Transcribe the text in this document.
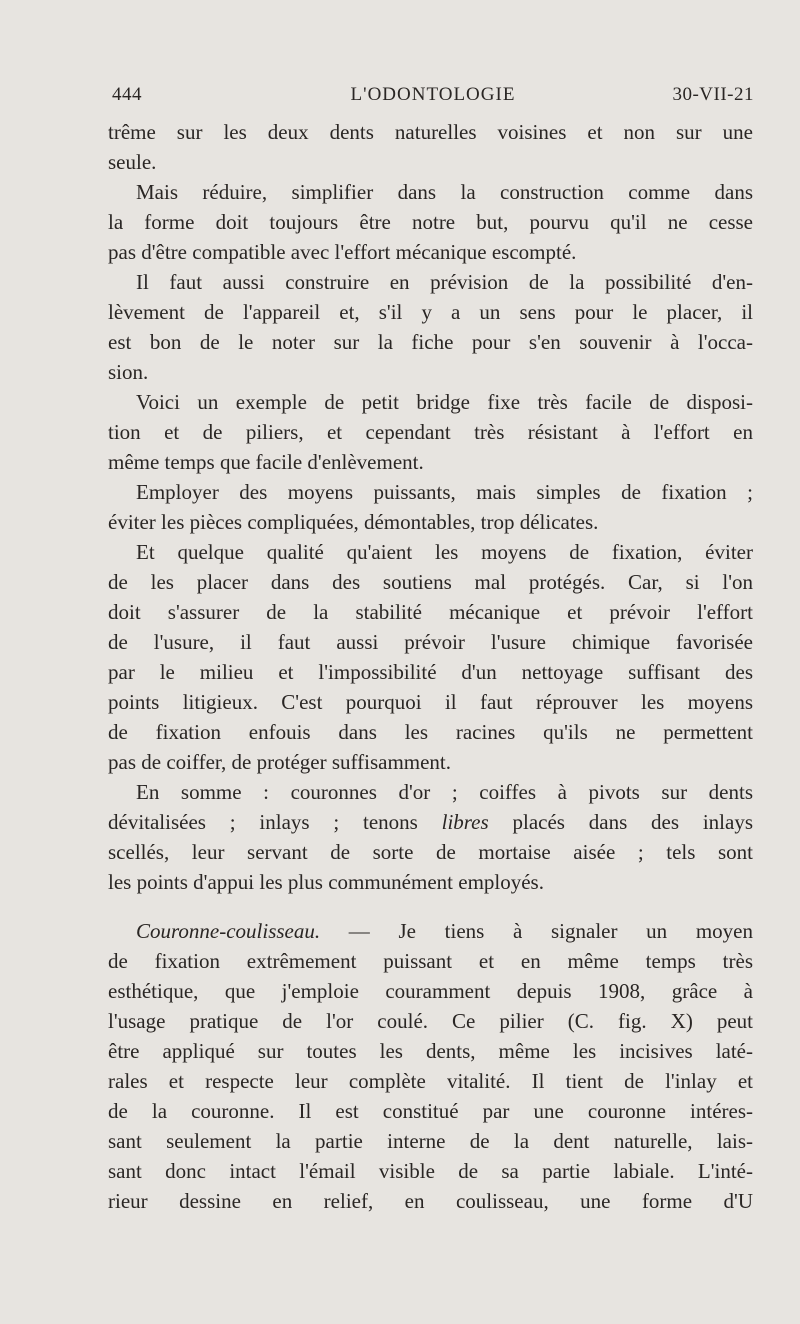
444	L'ODONTOLOGIE	30-VII-21
trême sur les deux dents naturelles voisines et non sur une
seule.
Mais réduire, simplifier dans la construction comme dans
la forme doit toujours être notre but, pourvu qu'il ne cesse
pas d'être compatible avec l'effort mécanique escompté.
Il faut aussi construire en prévision de la possibilité d'en-
lèvement de l'appareil et, s'il y a un sens pour le placer, il
est bon de le noter sur la fiche pour s'en souvenir à l'occa-
sion.
Voici un exemple de petit bridge fixe très facile de disposi-
tion et de piliers, et cependant très résistant à l'effort en
même temps que facile d'enlèvement.
Employer des moyens puissants, mais simples de fixation ;
éviter les pièces compliquées, démontables, trop délicates.
Et quelque qualité qu'aient les moyens de fixation, éviter
de les placer dans des soutiens mal protégés. Car, si l'on
doit s'assurer de la stabilité mécanique et prévoir l'effort
de l'usure, il faut aussi prévoir l'usure chimique favorisée
par le milieu et l'impossibilité d'un nettoyage suffisant des
points litigieux. C'est pourquoi il faut réprouver les moyens
de fixation enfouis dans les racines qu'ils ne permettent
pas de coiffer, de protéger suffisamment.
En somme : couronnes d'or ; coiffes à pivots sur dents
dévitalisées ; inlays ; tenons libres placés dans des inlays
scellés, leur servant de sorte de mortaise aisée ; tels sont
les points d'appui les plus communément employés.
Couronne-coulisseau. — Je tiens à signaler un moyen
de fixation extrêmement puissant et en même temps très
esthétique, que j'emploie couramment depuis 1908, grâce à
l'usage pratique de l'or coulé. Ce pilier (C. fig. X) peut
être appliqué sur toutes les dents, même les incisives laté-
rales et respecte leur complète vitalité. Il tient de l'inlay et
de la couronne. Il est constitué par une couronne intéres-
sant seulement la partie interne de la dent naturelle, lais-
sant donc intact l'émail visible de sa partie labiale. L'inté-
rieur dessine en relief, en coulisseau, une forme d'U
